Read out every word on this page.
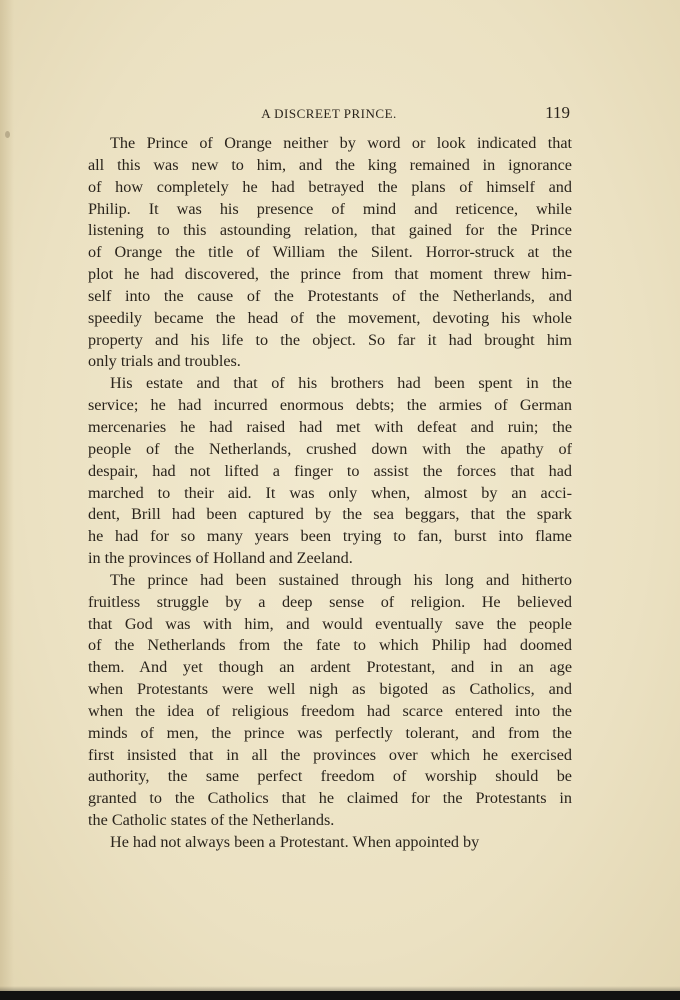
A DISCREET PRINCE.	119
The Prince of Orange neither by word or look indicated that
all this was new to him, and the king remained in ignorance
of how completely he had betrayed the plans of himself and
Philip. It was his presence of mind and reticence, while
listening to this astounding relation, that gained for the Prince
of Orange the title of William the Silent. Horror-struck at the
plot he had discovered, the prince from that moment threw him-
self into the cause of the Protestants of the Netherlands, and
speedily became the head of the movement, devoting his whole
property and his life to the object. So far it had brought him
only trials and troubles.
His estate and that of his brothers had been spent in the
service; he had incurred enormous debts; the armies of German
mercenaries he had raised had met with defeat and ruin; the
people of the Netherlands, crushed down with the apathy of
despair, had not lifted a finger to assist the forces that had
marched to their aid. It was only when, almost by an acci-
dent, Brill had been captured by the sea beggars, that the spark
he had for so many years been trying to fan, burst into flame
in the provinces of Holland and Zeeland.
The prince had been sustained through his long and hitherto
fruitless struggle by a deep sense of religion. He believed
that God was with him, and would eventually save the people
of the Netherlands from the fate to which Philip had doomed
them. And yet though an ardent Protestant, and in an age
when Protestants were well nigh as bigoted as Catholics, and
when the idea of religious freedom had scarce entered into the
minds of men, the prince was perfectly tolerant, and from the
first insisted that in all the provinces over which he exercised
authority, the same perfect freedom of worship should be
granted to the Catholics that he claimed for the Protestants in
the Catholic states of the Netherlands.
He had not always been a Protestant. When appointed by
